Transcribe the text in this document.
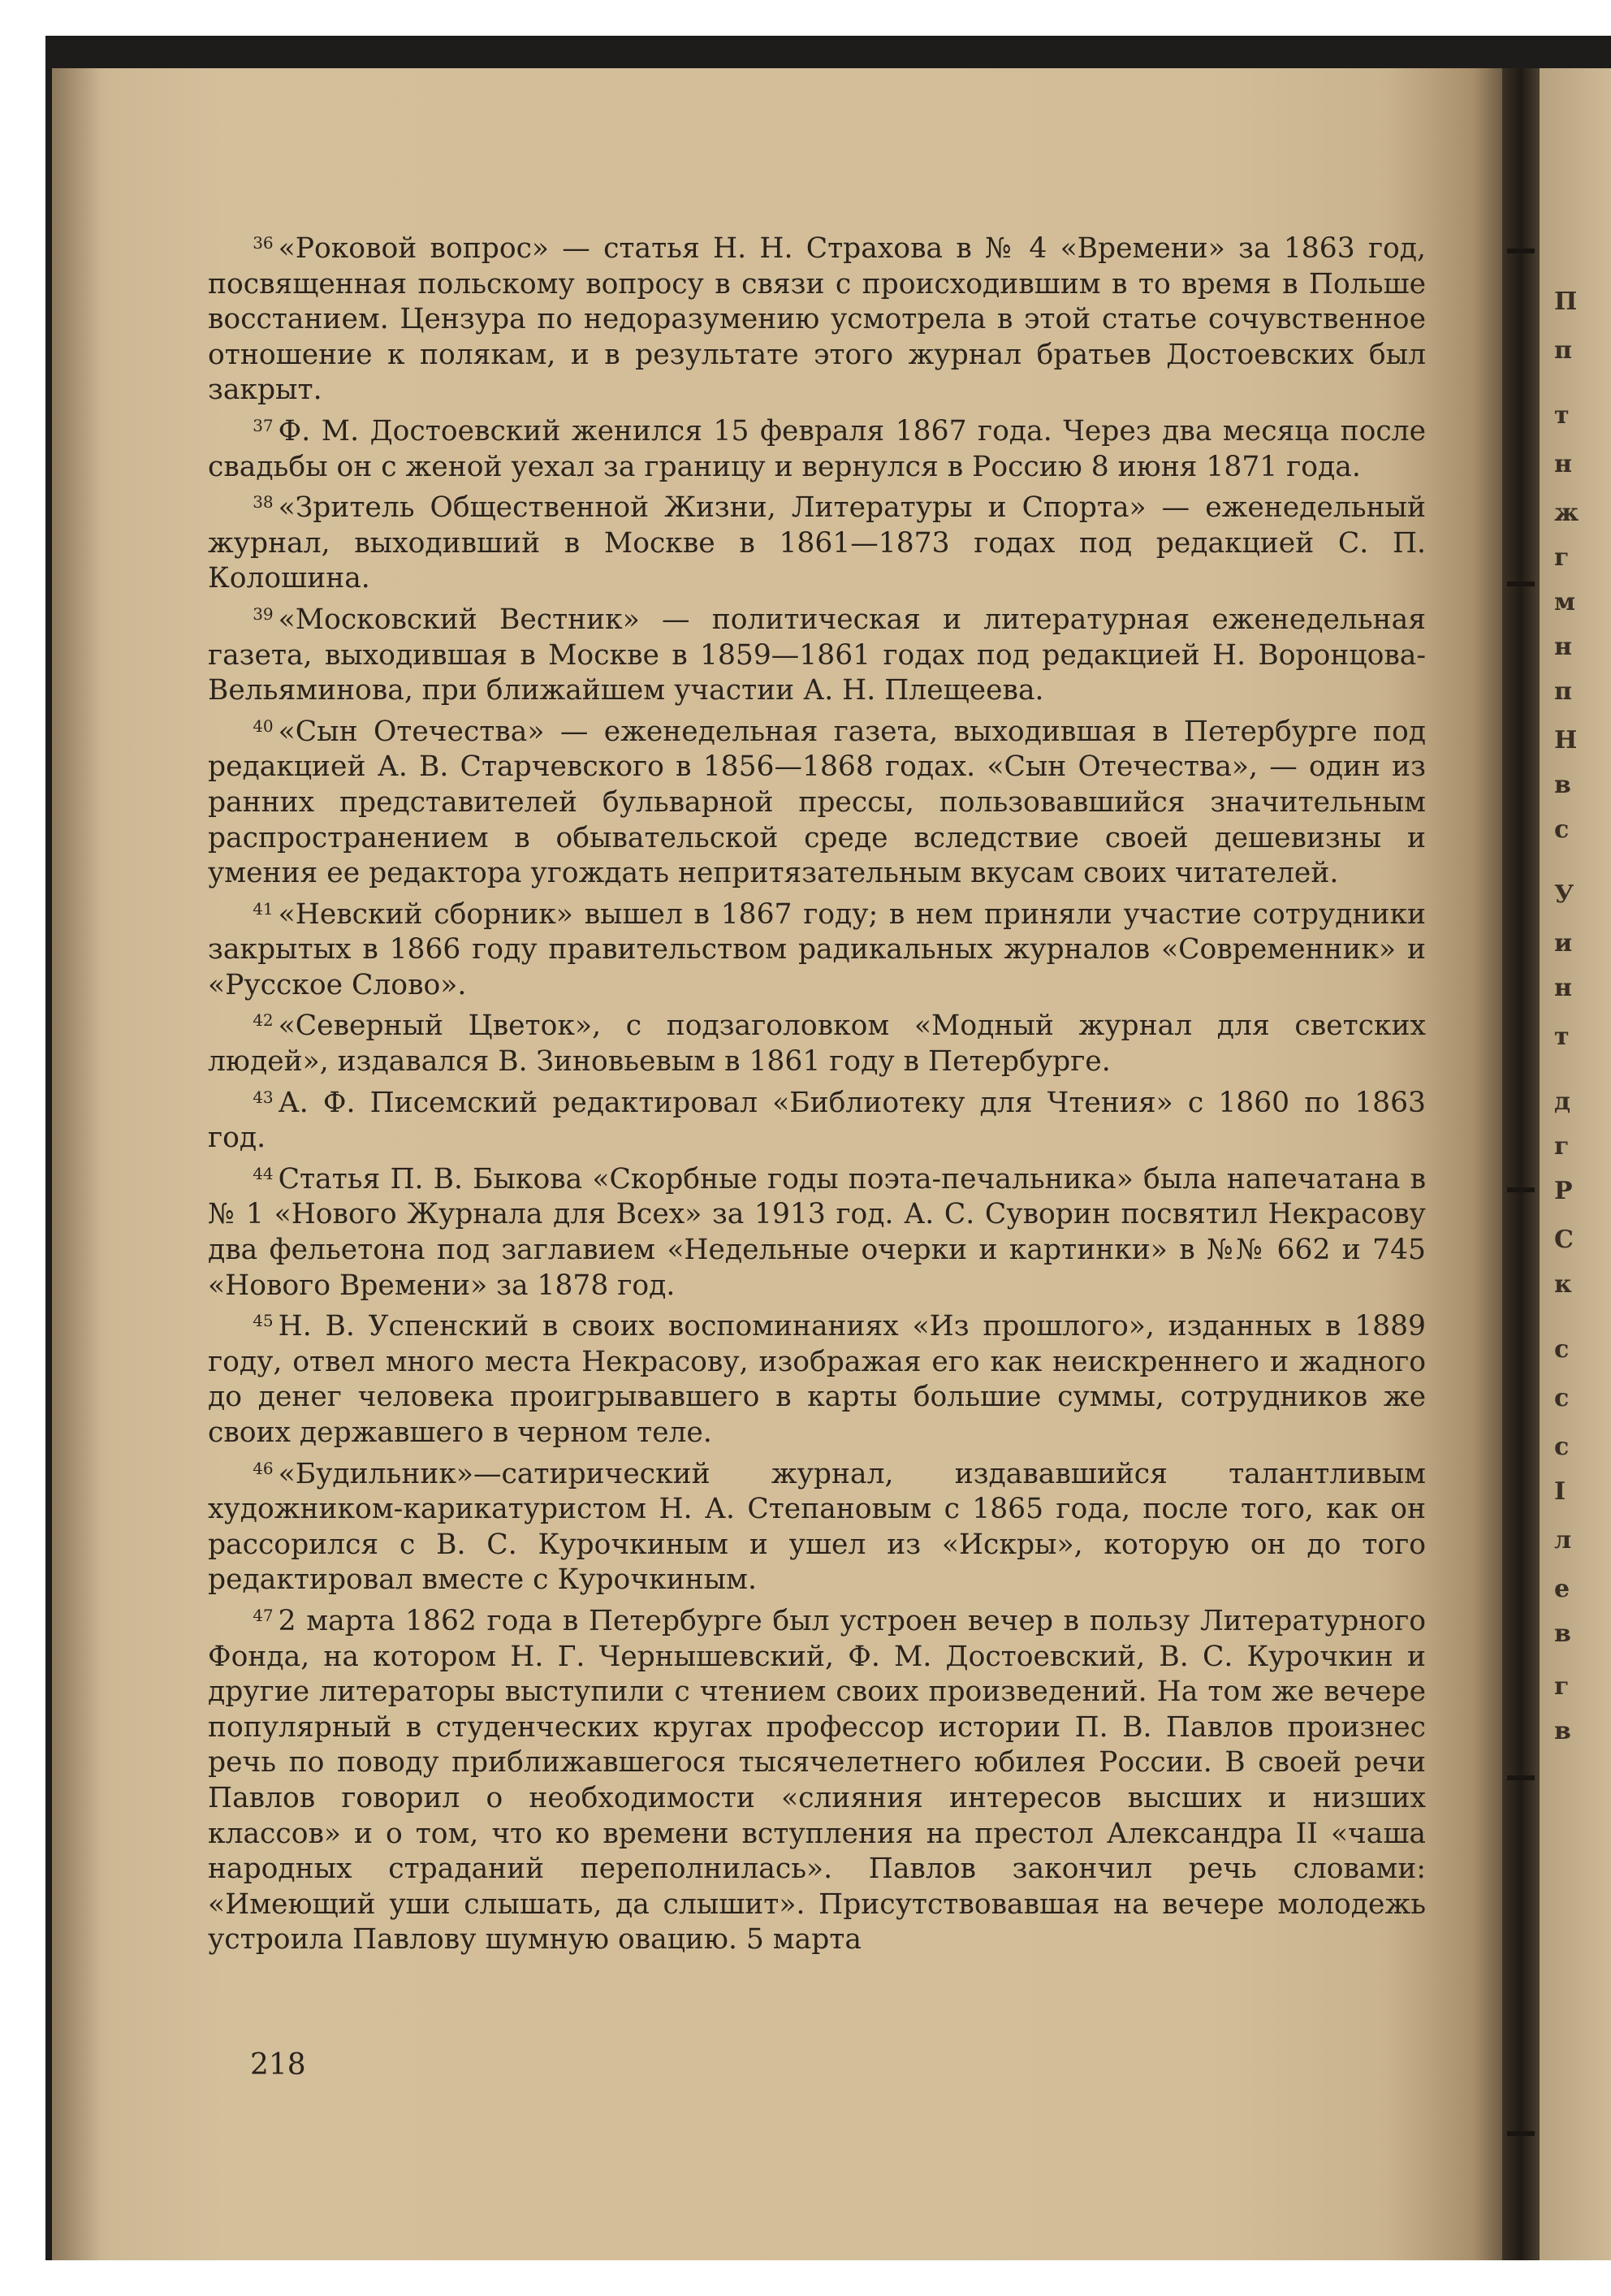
П
п
т
н
ж
г
м
н
п
Н
в
с
У
и
н
т
д
г
Р
С
к
с
с
с
I
л
е
в
г
в

$^{36}$ «Роковой вопрос» — статья Н. Н. Страхова в № 4 «Времени» за 1863 год, посвященная польскому вопросу в связи с происходившим в то время в Польше восстанием. Цензура по недоразумению усмотрела в этой статье сочувственное отношение к полякам, и в результате этого журнал братьев Достоевских был закрыт.

$^{37}$ Ф. М. Достоевский женился 15 февраля 1867 года. Через два месяца после свадьбы он с женой уехал за границу и вернулся в Россию 8 июня 1871 года.

$^{38}$ «Зритель Общественной Жизни, Литературы и Спорта» — еженедельный журнал, выходивший в Москве в 1861—1873 годах под редакцией С. П. Колошина.

$^{39}$ «Московский Вестник» — политическая и литературная еженедельная газета, выходившая в Москве в 1859—1861 годах под редакцией Н. Воронцова-Вельяминова, при ближайшем участии А. Н. Плещеева.

$^{40}$ «Сын Отечества» — еженедельная газета, выходившая в Петербурге под редакцией А. В. Старчевского в 1856—1868 годах. «Сын Отечества», — один из ранних представителей бульварной прессы, пользовавшийся значительным распространением в обывательской среде вследствие своей дешевизны и умения ее редактора угождать непритязательным вкусам своих читателей.

$^{41}$ «Невский сборник» вышел в 1867 году; в нем приняли участие сотрудники закрытых в 1866 году правительством радикальных журналов «Современник» и «Русское Слово».

$^{42}$ «Северный Цветок», с подзаголовком «Модный журнал для светских людей», издавался В. Зиновьевым в 1861 году в Петербурге.

$^{43}$ А. Ф. Писемский редактировал «Библиотеку для Чтения» с 1860 по 1863 год.

$^{44}$ Статья П. В. Быкова «Скорбные годы поэта-печальника» была напечатана в № 1 «Нового Журнала для Всех» за 1913 год. А. С. Суворин посвятил Некрасову два фельетона под заглавием «Недельные очерки и картинки» в №№ 662 и 745 «Нового Времени» за 1878 год.

$^{45}$ Н. В. Успенский в своих воспоминаниях «Из прошлого», изданных в 1889 году, отвел много места Некрасову, изображая его как неискреннего и жадного до денег человека проигрывавшего в карты большие суммы, сотрудников же своих державшего в черном теле.

$^{46}$ «Будильник»—сатирический журнал, издававшийся талантливым художником-карикатуристом Н. А. Степановым с 1865 года, после того, как он рассорился с В. С. Курочкиным и ушел из «Искры», которую он до того редактировал вместе с Курочкиным.

$^{47}$ 2 марта 1862 года в Петербурге был устроен вечер в пользу Литературного Фонда, на котором Н. Г. Чернышевский, Ф. М. Достоевский, В. С. Курочкин и другие литераторы выступили с чтением своих произведений. На том же вечере популярный в студенческих кругах профессор истории П. В. Павлов произнес речь по поводу приближавшегося тысячелетнего юбилея России. В своей речи Павлов говорил о необходимости «слияния интересов высших и низших классов» и о том, что ко времени вступления на престол Александра II «чаша народных страданий переполнилась». Павлов закончил речь словами: «Имеющий уши слышать, да слышит». Присутствовавшая на вечере молодежь устроила Павлову шумную овацию. 5 марта

218
